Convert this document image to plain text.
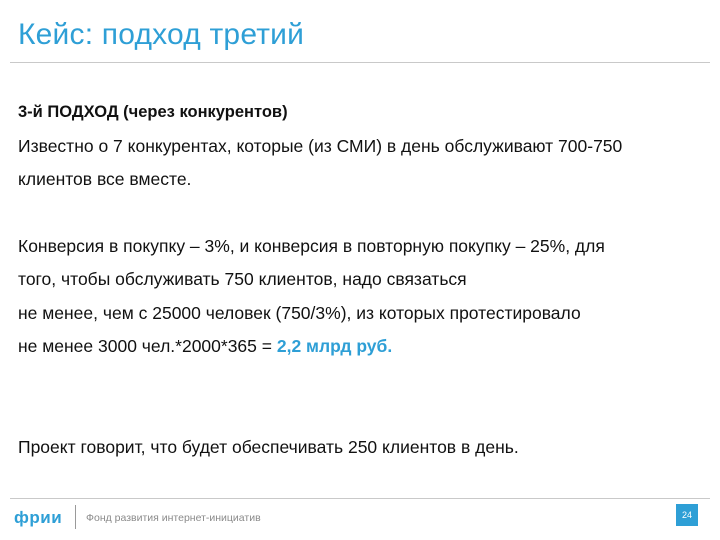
Кейс: подход третий
3-й ПОДХОД (через конкурентов)
Известно о 7 конкурентах, которые (из СМИ) в день обслуживают 700-750
клиентов все вместе.
Конверсия в покупку – 3%, и конверсия в повторную покупку – 25%, для
того, чтобы обслуживать 750 клиентов, надо связаться
не менее, чем с 25000 человек (750/3%), из которых протестировало
не менее 3000 чел.*2000*365 = 2,2 млрд руб.
Проект говорит, что будет обеспечивать 250 клиентов в день.
фрии Фонд развития интернет-инициатив	24
